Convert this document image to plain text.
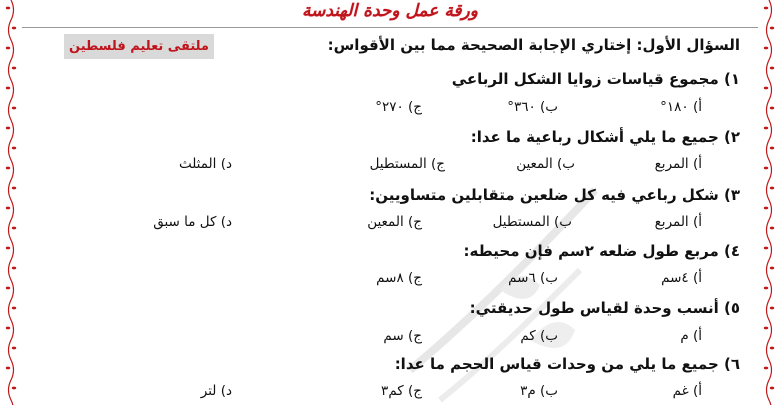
ورقة عمل وحدة الهندسة
السؤال الأول: إختاري الإجابة الصحيحة مما بين الأقواس:
ملتقى تعليم فلسطين
١) مجموع قياسات زوايا الشكل الرباعي
أ) ١٨٠°
ب) ٣٦٠°
ج) ٢٧٠°
٢) جميع ما يلي أشكال رباعية ما عدا:
أ) المربع
ب) المعين
ج) المستطيل
د) المثلث
٣) شكل رباعي فيه كل ضلعين متقابلين متساويين:
أ) المربع
ب) المستطيل
ج) المعين
د) كل ما سبق
٤) مربع طول ضلعه ٢سم فإن محيطه:
أ) ٤سم
ب) ٦سم
ج) ٨سم
٥) أنسب وحدة لقياس طول حديقتي:
أ) م
ب) كم
ج) سم
٦) جميع ما يلي من وحدات قياس الحجم ما عدا:
أ) غم
ب) م٣
ج) كم٣
د) لتر
